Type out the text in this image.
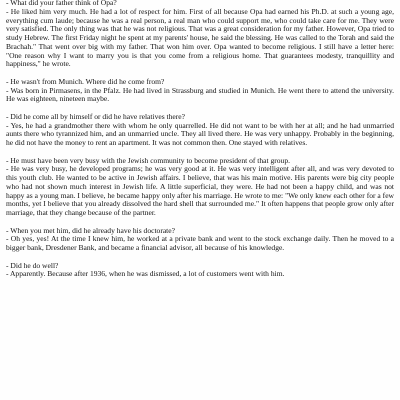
- What did your father think of Opa?

- He liked him very much. He had a lot of respect for him. First of all because Opa had earned his Ph.D. at such a young age, everything cum laude; because he was a real person, a real man who could support me, who could take care for me. They were very satisfied. The only thing was that he was not religious. That was a great consideration for my father. However, Opa tried to study Hebrew. The first Friday night he spent at my parents' house, he said the blessing. He was called to the Torah and said the Brachah." That went over big with my father. That won him over. Opa wanted to become religious. I still have a letter here: "One reason why I want to marry you is that you come from a religious home. That guarantees modesty, tranquillity and happiness," he wrote.

- He wasn't from Munich. Where did he come from?

- Was born in Pirmasens, in the Pfalz. He had lived in Strassburg and studied in Munich. He went there to attend the university. He was eighteen, nineteen maybe.

- Did he come all by himself or did he have relatives there?

- Yes, he had a grandmother there with whom he only quarrelled. He did not want to be with her at all; and he had unmarried aunts there who tyrannized him, and an unmarried uncle. They all lived there. He was very unhappy. Probably in the beginning, he did not have the money to rent an apartment. It was not common then. One stayed with relatives.

- He must have been very busy with the Jewish community to become president of that group.

- He was very busy, he developed programs; he was very good at it. He was very intelligent after all, and was very devoted to this youth club. He wanted to be active in Jewish affairs. I believe, that was his main motive. His parents were big city people who had not shown much interest in Jewish life. A little superficial, they were. He had not been a happy child, and was not happy as a young man. I believe, he became happy only after his marriage. He wrote to me: "We only knew each other for a few months, yet I believe that you already dissolved the hard shell that surrounded me." It often happens that people grow only after marriage, that they change because of the partner.

- When you met him, did he already have his doctorate?

- Oh yes, yes! At the time I knew him, he worked at a private bank and went to the stock exchange daily. Then he moved to a bigger bank, Dresdener Bank, and became a financial advisor, all because of his knowledge.

- Did he do well?

- Apparently. Because after 1936, when he was dismissed, a lot of customers went with him.
